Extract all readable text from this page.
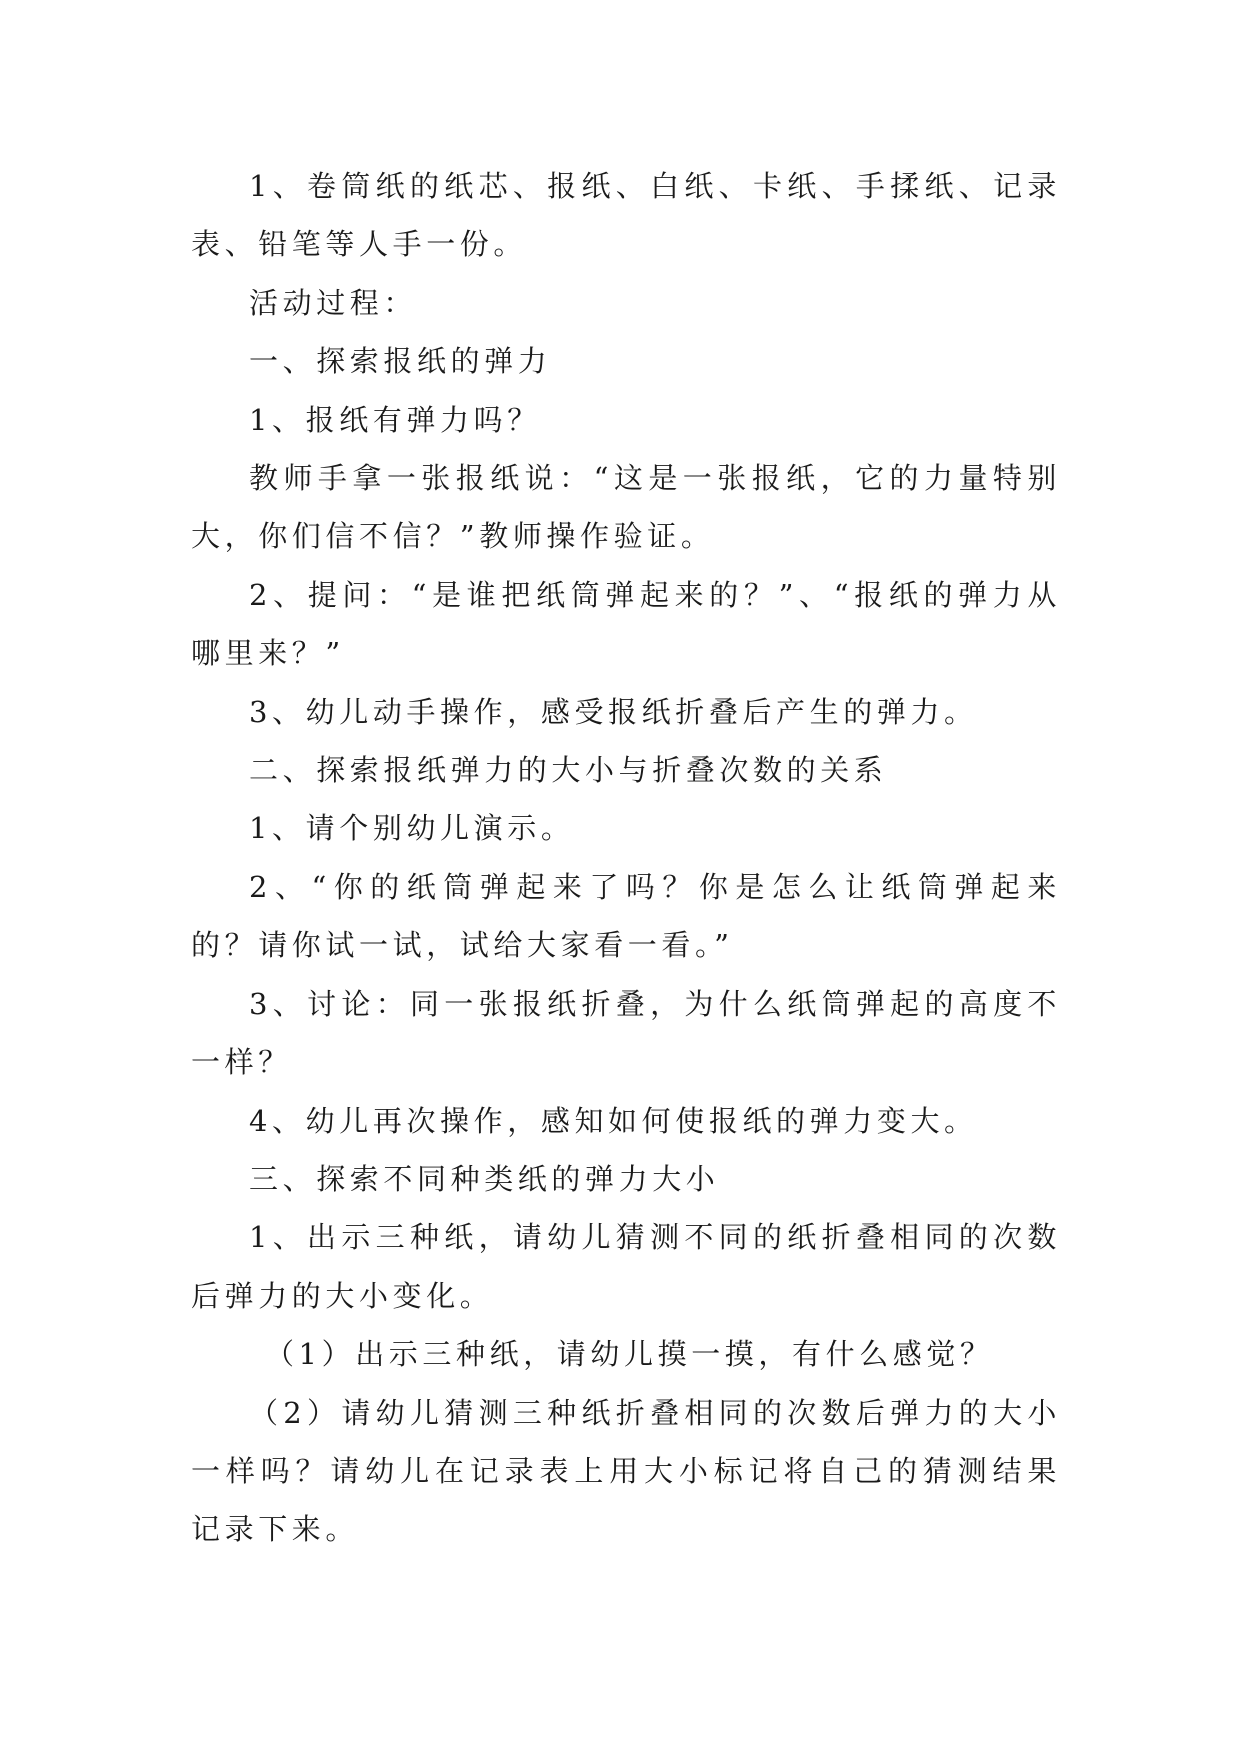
1、卷筒纸的纸芯、报纸、白纸、卡纸、手揉纸、记录表、铅笔等人手一份。

活动过程：

一、探索报纸的弹力

1、报纸有弹力吗？

教师手拿一张报纸说：“这是一张报纸，它的力量特别大，你们信不信？”教师操作验证。

2、提问：“是谁把纸筒弹起来的？”、“报纸的弹力从哪里来？”

3、幼儿动手操作，感受报纸折叠后产生的弹力。

二、探索报纸弹力的大小与折叠次数的关系

1、请个别幼儿演示。

2、“你的纸筒弹起来了吗？你是怎么让纸筒弹起来的？请你试一试，试给大家看一看。”

3、讨论：同一张报纸折叠，为什么纸筒弹起的高度不一样？

4、幼儿再次操作，感知如何使报纸的弹力变大。

三、探索不同种类纸的弹力大小

1、出示三种纸，请幼儿猜测不同的纸折叠相同的次数后弹力的大小变化。

（1）出示三种纸，请幼儿摸一摸，有什么感觉？

（2）请幼儿猜测三种纸折叠相同的次数后弹力的大小一样吗？请幼儿在记录表上用大小标记将自己的猜测结果记录下来。
